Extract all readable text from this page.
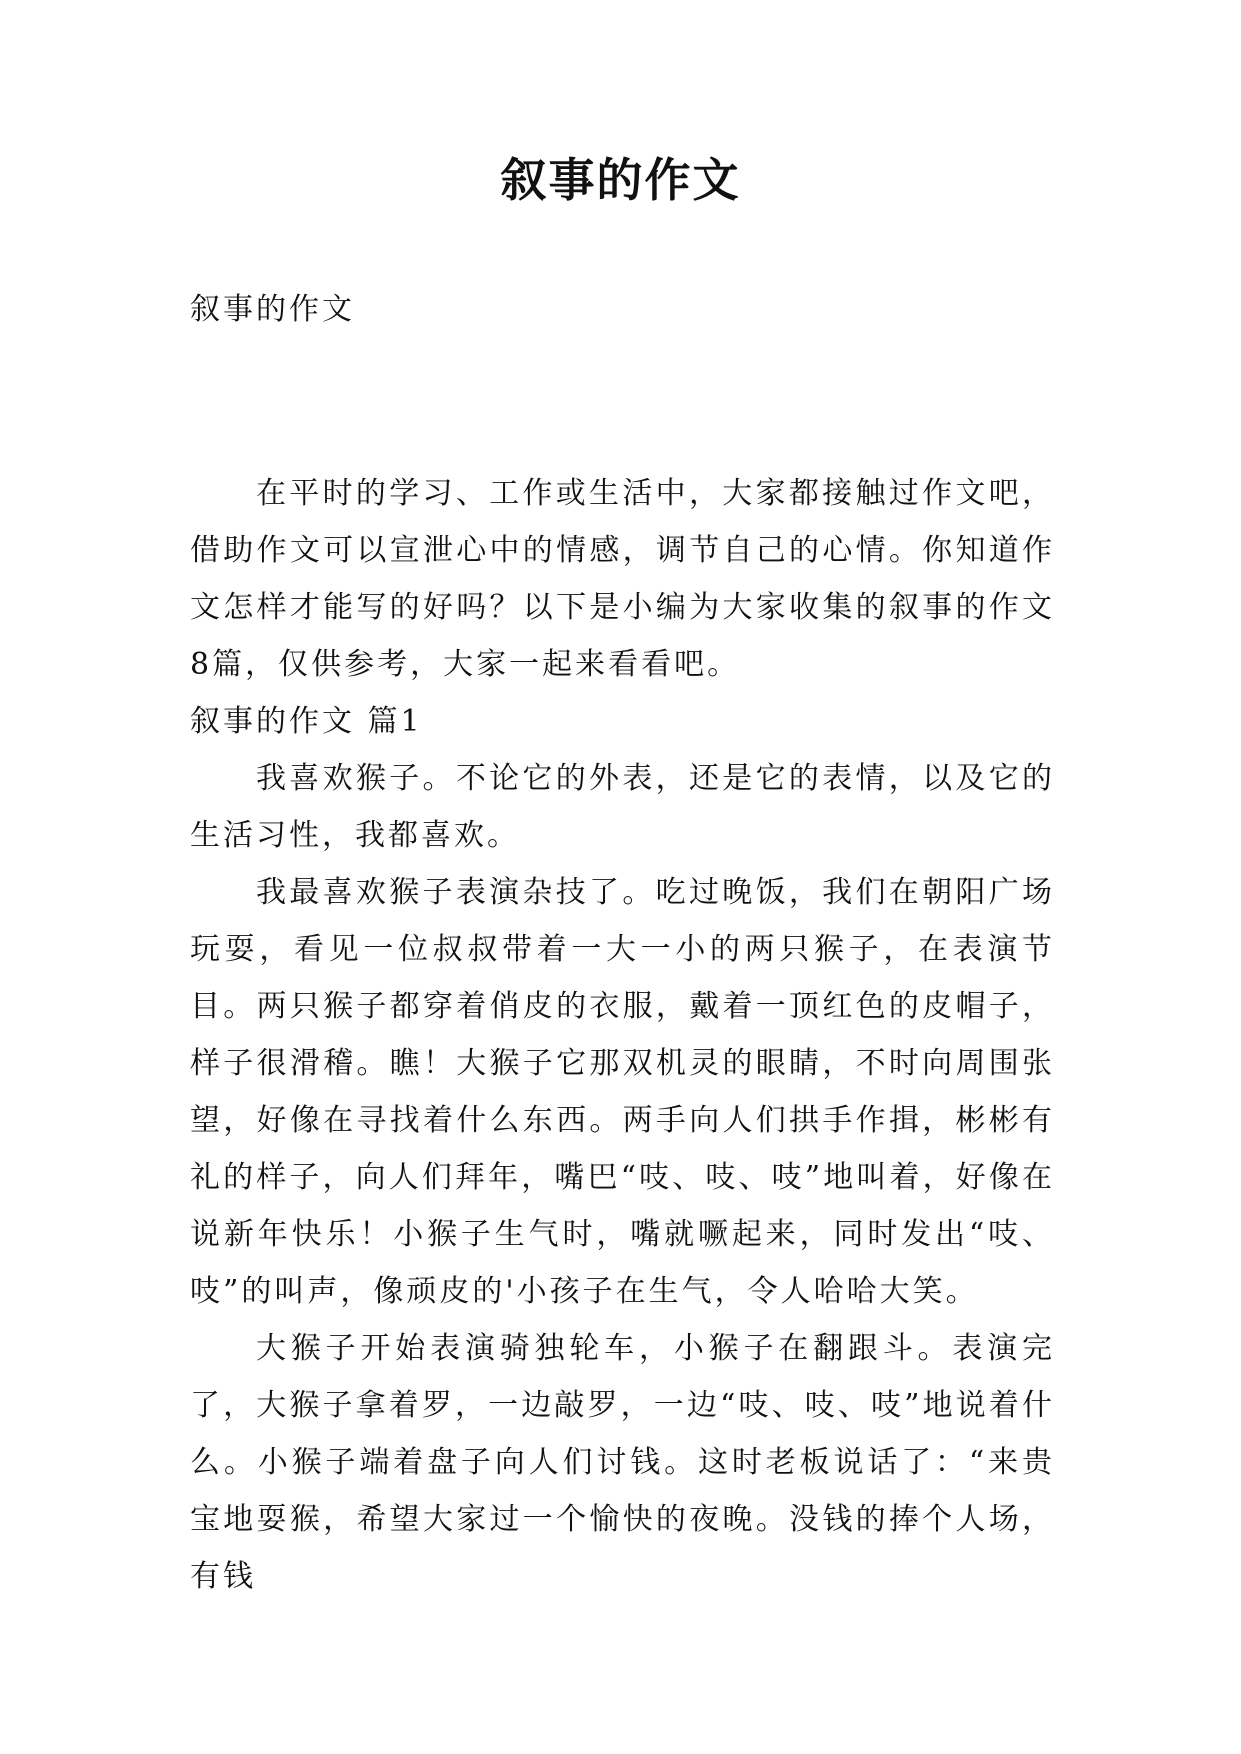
叙事的作文
叙事的作文

在平时的学习、工作或生活中，大家都接触过作文吧，借助作文可以宣泄心中的情感，调节自己的心情。你知道作文怎样才能写的好吗？以下是小编为大家收集的叙事的作文8篇，仅供参考，大家一起来看看吧。

叙事的作文 篇1

我喜欢猴子。不论它的外表，还是它的表情，以及它的生活习性，我都喜欢。

我最喜欢猴子表演杂技了。吃过晚饭，我们在朝阳广场玩耍，看见一位叔叔带着一大一小的两只猴子，在表演节目。两只猴子都穿着俏皮的衣服，戴着一顶红色的皮帽子，样子很滑稽。瞧！大猴子它那双机灵的眼睛，不时向周围张望，好像在寻找着什么东西。两手向人们拱手作揖，彬彬有礼的样子，向人们拜年，嘴巴“吱、吱、吱”地叫着，好像在说新年快乐！小猴子生气时，嘴就噘起来，同时发出“吱、吱”的叫声，像顽皮的'小孩子在生气，令人哈哈大笑。

大猴子开始表演骑独轮车，小猴子在翻跟斗。表演完了，大猴子拿着罗，一边敲罗，一边“吱、吱、吱”地说着什么。小猴子端着盘子向人们讨钱。这时老板说话了：“来贵宝地耍猴，希望大家过一个愉快的夜晚。没钱的捧个人场，有钱
